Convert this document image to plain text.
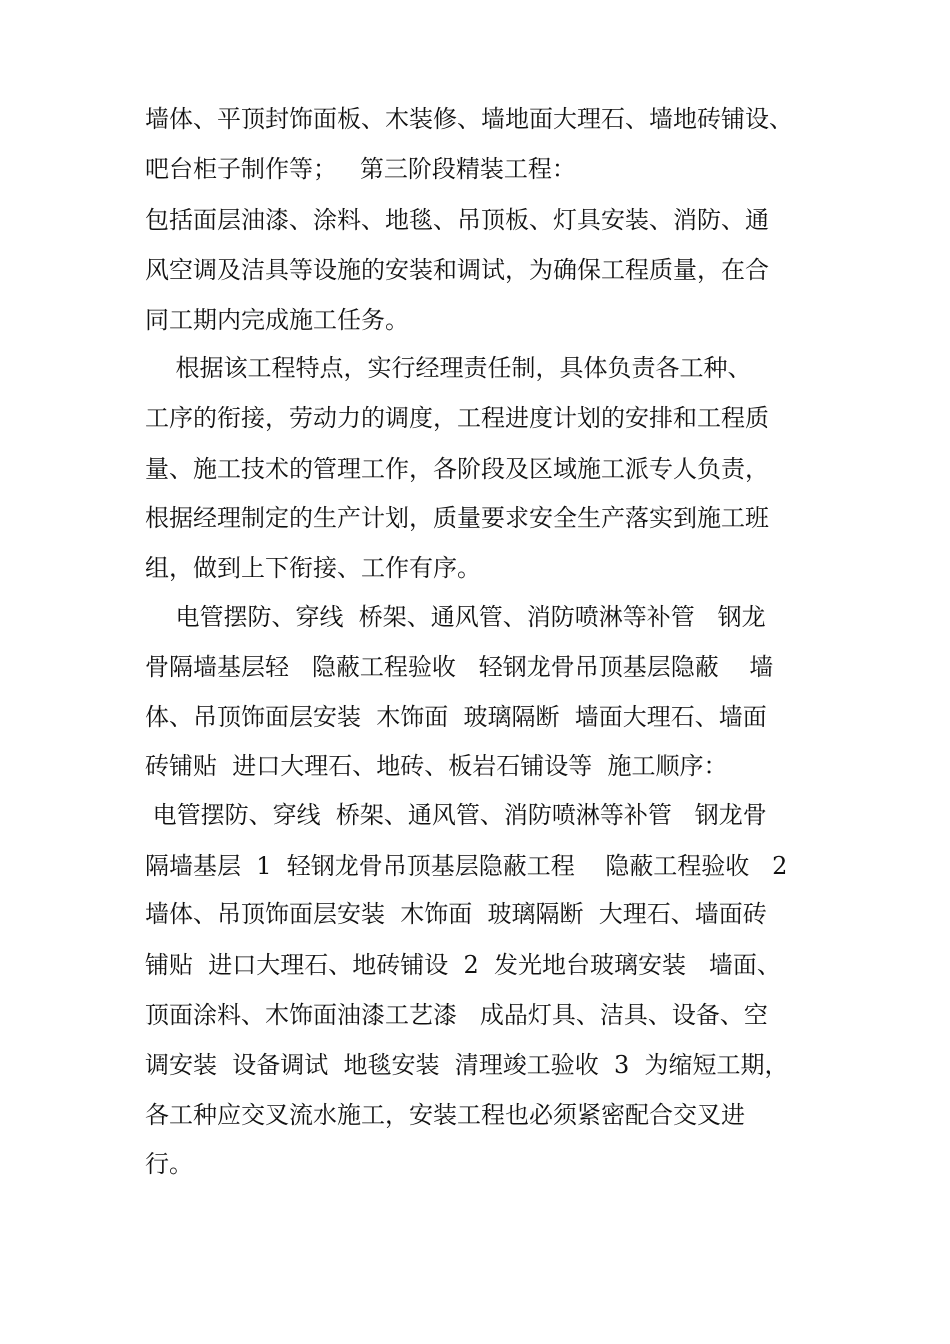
墙体、平顶封饰面板、木装修、墙地面大理石、墙地砖铺设、
吧台柜子制作等；   第三阶段精装工程：
包括面层油漆、涂料、地毯、吊顶板、灯具安装、消防、通
风空调及洁具等设施的安装和调试，为确保工程质量，在合
同工期内完成施工任务。
根据该工程特点，实行经理责任制，具体负责各工种、
工序的衔接，劳动力的调度，工程进度计划的安排和工程质
量、施工技术的管理工作，各阶段及区域施工派专人负责，
根据经理制定的生产计划，质量要求安全生产落实到施工班
组，做到上下衔接、工作有序。
电管摆防、穿线  桥架、通风管、消防喷淋等补管   钢龙
骨隔墙基层轻   隐蔽工程验收   轻钢龙骨吊顶基层隐蔽    墙
体、吊顶饰面层安装  木饰面  玻璃隔断  墙面大理石、墙面
砖铺贴  进口大理石、地砖、板岩石铺设等  施工顺序：
电管摆防、穿线  桥架、通风管、消防喷淋等补管   钢龙骨
隔墙基层  1  轻钢龙骨吊顶基层隐蔽工程    隐蔽工程验收   2
墙体、吊顶饰面层安装  木饰面  玻璃隔断  大理石、墙面砖
铺贴  进口大理石、地砖铺设  2  发光地台玻璃安装   墙面、
顶面涂料、木饰面油漆工艺漆   成品灯具、洁具、设备、空
调安装  设备调试  地毯安装  清理竣工验收  3  为缩短工期，
各工种应交叉流水施工，安装工程也必须紧密配合交叉进
行。
